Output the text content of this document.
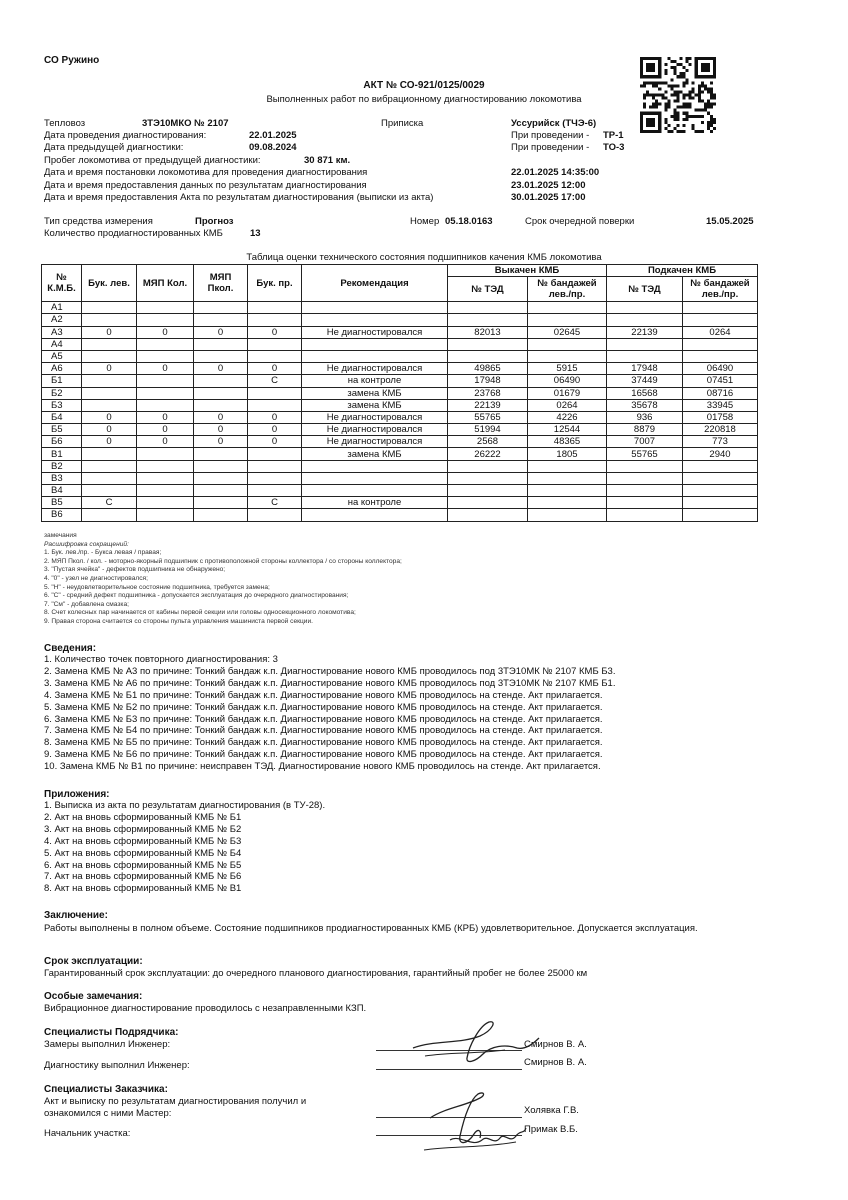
СО Ружино
АКТ № СО-921/0125/0029
Выполненных работ по вибрационному диагностированию локомотива
Тепловоз	3ТЭ10МКО № 2107	Приписка	Уссурийск (ТЧЭ-6)
Дата проведения диагностирования:	22.01.2025	При проведении - ТР-1
Дата предыдущей диагностики:	09.08.2024	При проведении - ТО-3
Пробег локомотива от предыдущей диагностики:	30 871 км.
Дата и время постановки локомотива для проведения диагностирования	22.01.2025 14:35:00
Дата и время предоставления данных по результатам диагностирования	23.01.2025 12:00
Дата и время предоставления Акта по результатам диагностирования (выписки из акта)	30.01.2025 17:00
Тип средства измерения	Прогноз	Номер 05.18.0163	Срок очередной поверки	15.05.2025
Количество продиагностированных КМБ	13
Таблица оценки технического состояния подшипников качения КМБ локомотива
№ К.М.Б.	Бук. лев.	МЯП Кол.	МЯП Пкол.	Бук. пр.	Рекомендация	Выкачен КМБ		Подкачен КМБ	
						№ ТЭД	№ бандажей лев./пр.	№ ТЭД	№ бандажей лев./пр.
А1									
А2									
А3	0	0	0	0	Не диагностировался	82013	02645	22139	0264
А4									
А5									
А6	0	0	0	0	Не диагностировался	49865	5915	17948	06490
Б1				С	на контроле	17948	06490	37449	07451
Б2					замена КМБ	23768	01679	16568	08716
Б3					замена КМБ	22139	0264	35678	33945
Б4	0	0	0	0	Не диагностировался	55765	4226	936	01758
Б5	0	0	0	0	Не диагностировался	51994	12544	8879	220818
Б6	0	0	0	0	Не диагностировался	2568	48365	7007	773
В1					замена КМБ	26222	1805	55765	2940
В2									
В3									
В4									
В5	С			С	на контроле				
В6									
замечания
Расшифровка сокращений:
1. Бук. лев./пр. - Букса левая / правая;
2. МЯП Пкол. / кол. - моторно-якорный подшипник с противоположной стороны коллектора / со стороны коллектора;
3. "Пустая ячейка" - дефектов подшипника не обнаружено;
4. "0" - узел не диагностировался;
5. "Н" - неудовлетворительное состояние подшипника, требуется замена;
6. "С" - средний дефект подшипника - допускается эксплуатация до очередного диагностирования;
7. "См" - добавлена смазка;
8. Счет колесных пар начинается от кабины первой секции или головы односекционного локомотива;
9. Правая сторона считается со стороны пульта управления машиниста первой секции.
Сведения:
1. Количество точек повторного диагностирования: 3
2. Замена КМБ № А3 по причине: Тонкий бандаж к.п. Диагностирование нового КМБ проводилось под 3ТЭ10МК № 2107 КМБ Б3.
3. Замена КМБ № А6 по причине: Тонкий бандаж к.п. Диагностирование нового КМБ проводилось под 3ТЭ10МК № 2107 КМБ Б1.
4. Замена КМБ № Б1 по причине: Тонкий бандаж к.п. Диагностирование нового КМБ проводилось на стенде. Акт прилагается.
5. Замена КМБ № Б2 по причине: Тонкий бандаж к.п. Диагностирование нового КМБ проводилось на стенде. Акт прилагается.
6. Замена КМБ № Б3 по причине: Тонкий бандаж к.п. Диагностирование нового КМБ проводилось на стенде. Акт прилагается.
7. Замена КМБ № Б4 по причине: Тонкий бандаж к.п. Диагностирование нового КМБ проводилось на стенде. Акт прилагается.
8. Замена КМБ № Б5 по причине: Тонкий бандаж к.п. Диагностирование нового КМБ проводилось на стенде. Акт прилагается.
9. Замена КМБ № Б6 по причине: Тонкий бандаж к.п. Диагностирование нового КМБ проводилось на стенде. Акт прилагается.
10. Замена КМБ № В1 по причине: неисправен ТЭД. Диагностирование нового КМБ проводилось на стенде. Акт прилагается.
Приложения:
1. Выписка из акта по результатам диагностирования (в ТУ-28).
2. Акт на вновь сформированный КМБ № Б1
3. Акт на вновь сформированный КМБ № Б2
4. Акт на вновь сформированный КМБ № Б3
5. Акт на вновь сформированный КМБ № Б4
6. Акт на вновь сформированный КМБ № Б5
7. Акт на вновь сформированный КМБ № Б6
8. Акт на вновь сформированный КМБ № В1
Заключение:
Работы выполнены в полном объеме. Состояние подшипников продиагностированных КМБ (КРБ) удовлетворительное. Допускается эксплуатация.
Срок эксплуатации:
Гарантированный срок эксплуатации: до очередного планового диагностирования, гарантийный пробег не более 25000 км
Особые замечания:
Вибрационное диагностирование проводилось с незаправленными КЗП.
Специалисты Подрядчика:
Замеры выполнил Инженер:	Смирнов В. А.
Диагностику выполнил Инженер:	Смирнов В. А.
Специалисты Заказчика:
Акт и выписку по результатам диагностирования получил и
ознакомился с ними Мастер:	Холявка Г.В.
Начальник участка:	Примак В.Б.
